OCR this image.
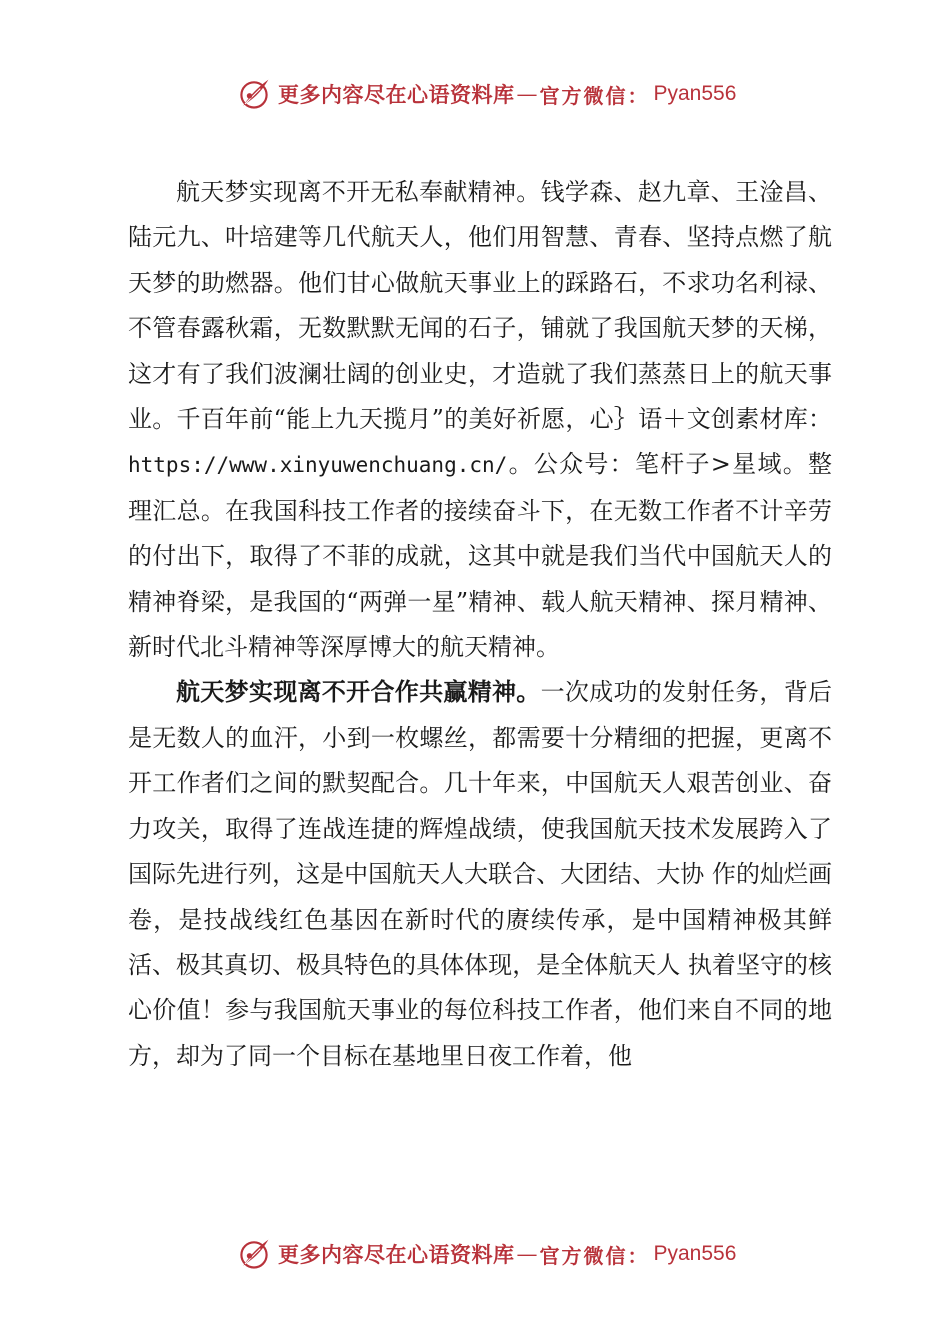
更多内容尽在心语资料库 — 官方微信： Pyan556

航天梦实现离不开无私奉献精神。钱学森、赵九章、王淦昌、陆元九、叶培建等几代航天人，他们用智慧、青春、坚持点燃了航天梦的助燃器。他们甘心做航天事业上的踩路石，不求功名利禄、不管春露秋霜，无数默默无闻的石子，铺就了我国航天梦的天梯，这才有了我们波澜壮阔的创业史，才造就了我们蒸蒸日上的航天事业。千百年前“能上九天揽月”的美好祈愿，心｝语＋文创素材库：https://www.xinyuwenchuang.cn/。公众号：笔杆子>星域。整理汇总。在我国科技工作者的接续奋斗下，在无数工作者不计辛劳的付出下，取得了不菲的成就，这其中就是我们当代中国航天人的精神脊梁，是我国的“两弹一星”精神、载人航天精神、探月精神、新时代北斗精神等深厚博大的航天精神。

航天梦实现离不开合作共赢精神。一次成功的发射任务，背后是无数人的血汗，小到一枚螺丝，都需要十分精细的把握，更离不开工作者们之间的默契配合。几十年来，中国航天人艰苦创业、奋力攻关，取得了连战连捷的辉煌战绩，使我国航天技术发展跨入了国际先进行列，这是中国航天人大联合、大团结、大协 作的灿烂画卷，是技战线红色基因在新时代的赓续传承，是中国精神极其鲜活、极其真切、极具特色的具体体现，是全体航天人 执着坚守的核心价值！参与我国航天事业的每位科技工作者，他们来自不同的地方，却为了同一个目标在基地里日夜工作着，他

更多内容尽在心语资料库 — 官方微信： Pyan556
